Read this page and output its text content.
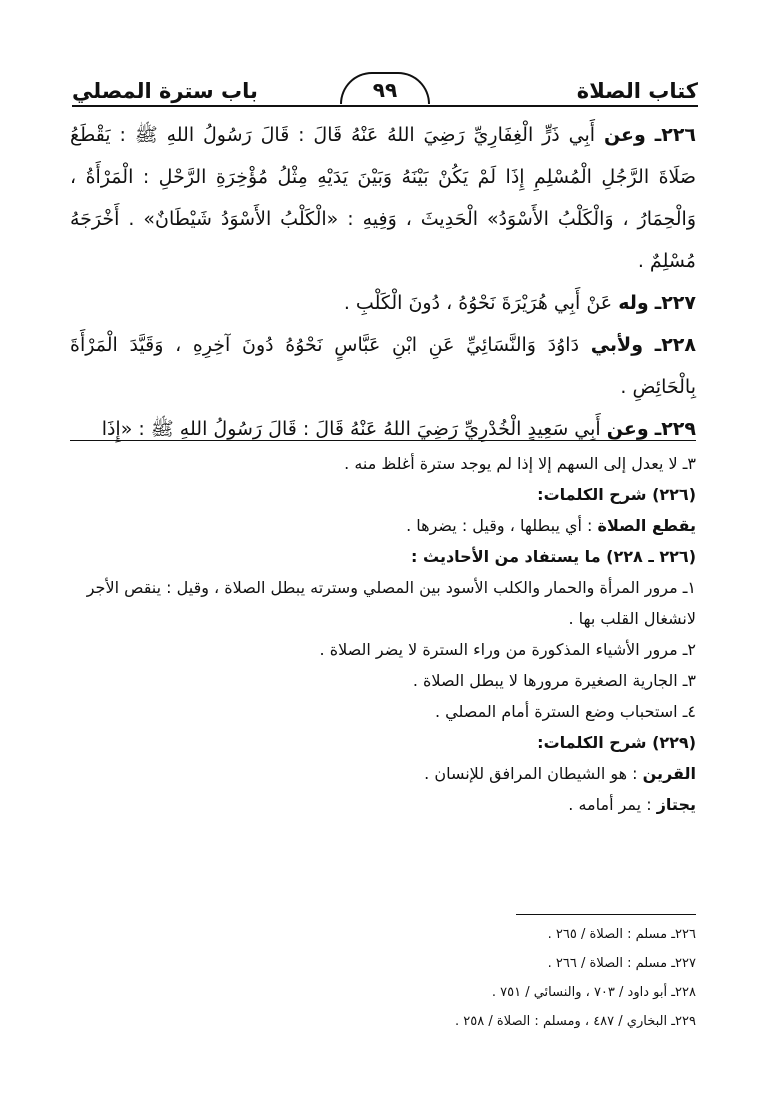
كتاب الصلاة
٩٩
باب سترة المصلي

٢٢٦ـ وعن أَبِي ذَرٍّ الْغِفَارِيِّ رَضِيَ اللهُ عَنْهُ قَالَ : قَالَ رَسُولُ اللهِ ﷺ : يَقْطَعُ صَلَاةَ الرَّجُلِ الْمُسْلِمِ إِذَا لَمْ يَكُنْ بَيْنَهُ وَبَيْنَ يَدَيْهِ مِثْلُ مُؤْخِرَةِ الرَّحْلِ : الْمَرْأَةُ ، وَالْحِمَارُ ، وَالْكَلْبُ الأَسْوَدُ» الْحَدِيثَ ، وَفِيهِ : «الْكَلْبُ الأَسْوَدُ شَيْطَانٌ» . أَخْرَجَهُ مُسْلِمٌ .

٢٢٧ـ وله عَنْ أَبِي هُرَيْرَةَ نَحْوُهُ ، دُونَ الْكَلْبِ .

٢٢٨ـ ولأبي دَاوُدَ وَالنَّسَائِيِّ عَنِ ابْنِ عَبَّاسٍ نَحْوُهُ دُونَ آخِرِهِ ، وَقَيَّدَ الْمَرْأَةَ بِالْحَائِضِ .

٢٢٩ـ وعن أَبِي سَعِيدٍ الْخُدْرِيِّ رَضِيَ اللهُ عَنْهُ قَالَ : قَالَ رَسُولُ اللهِ ﷺ : «إِذَا

٣ـ لا يعدل إلى السهم إلا إذا لم يوجد سترة أغلظ منه .

(٢٢٦) شرح الكلمات:

يقطع الصلاة : أي يبطلها ، وقيل : يضرها .

(٢٢٦ ـ ٢٢٨) ما يستفاد من الأحاديث :

١ـ مرور المرأة والحمار والكلب الأسود بين المصلي وسترته يبطل الصلاة ، وقيل : ينقص الأجر لانشغال القلب بها .

٢ـ مرور الأشياء المذكورة من وراء السترة لا يضر الصلاة .

٣ـ الجارية الصغيرة مرورها لا يبطل الصلاة .

٤ـ استحباب وضع السترة أمام المصلي .

(٢٢٩) شرح الكلمات:

القرين : هو الشيطان المرافق للإنسان .

يجتاز : يمر أمامه .

٢٢٦ـ مسلم : الصلاة / ٢٦٥ .

٢٢٧ـ مسلم : الصلاة / ٢٦٦ .

٢٢٨ـ أبو داود / ٧٠٣ ، والنسائي / ٧٥١ .

٢٢٩ـ البخاري / ٤٨٧ ، ومسلم : الصلاة / ٢٥٨ .
